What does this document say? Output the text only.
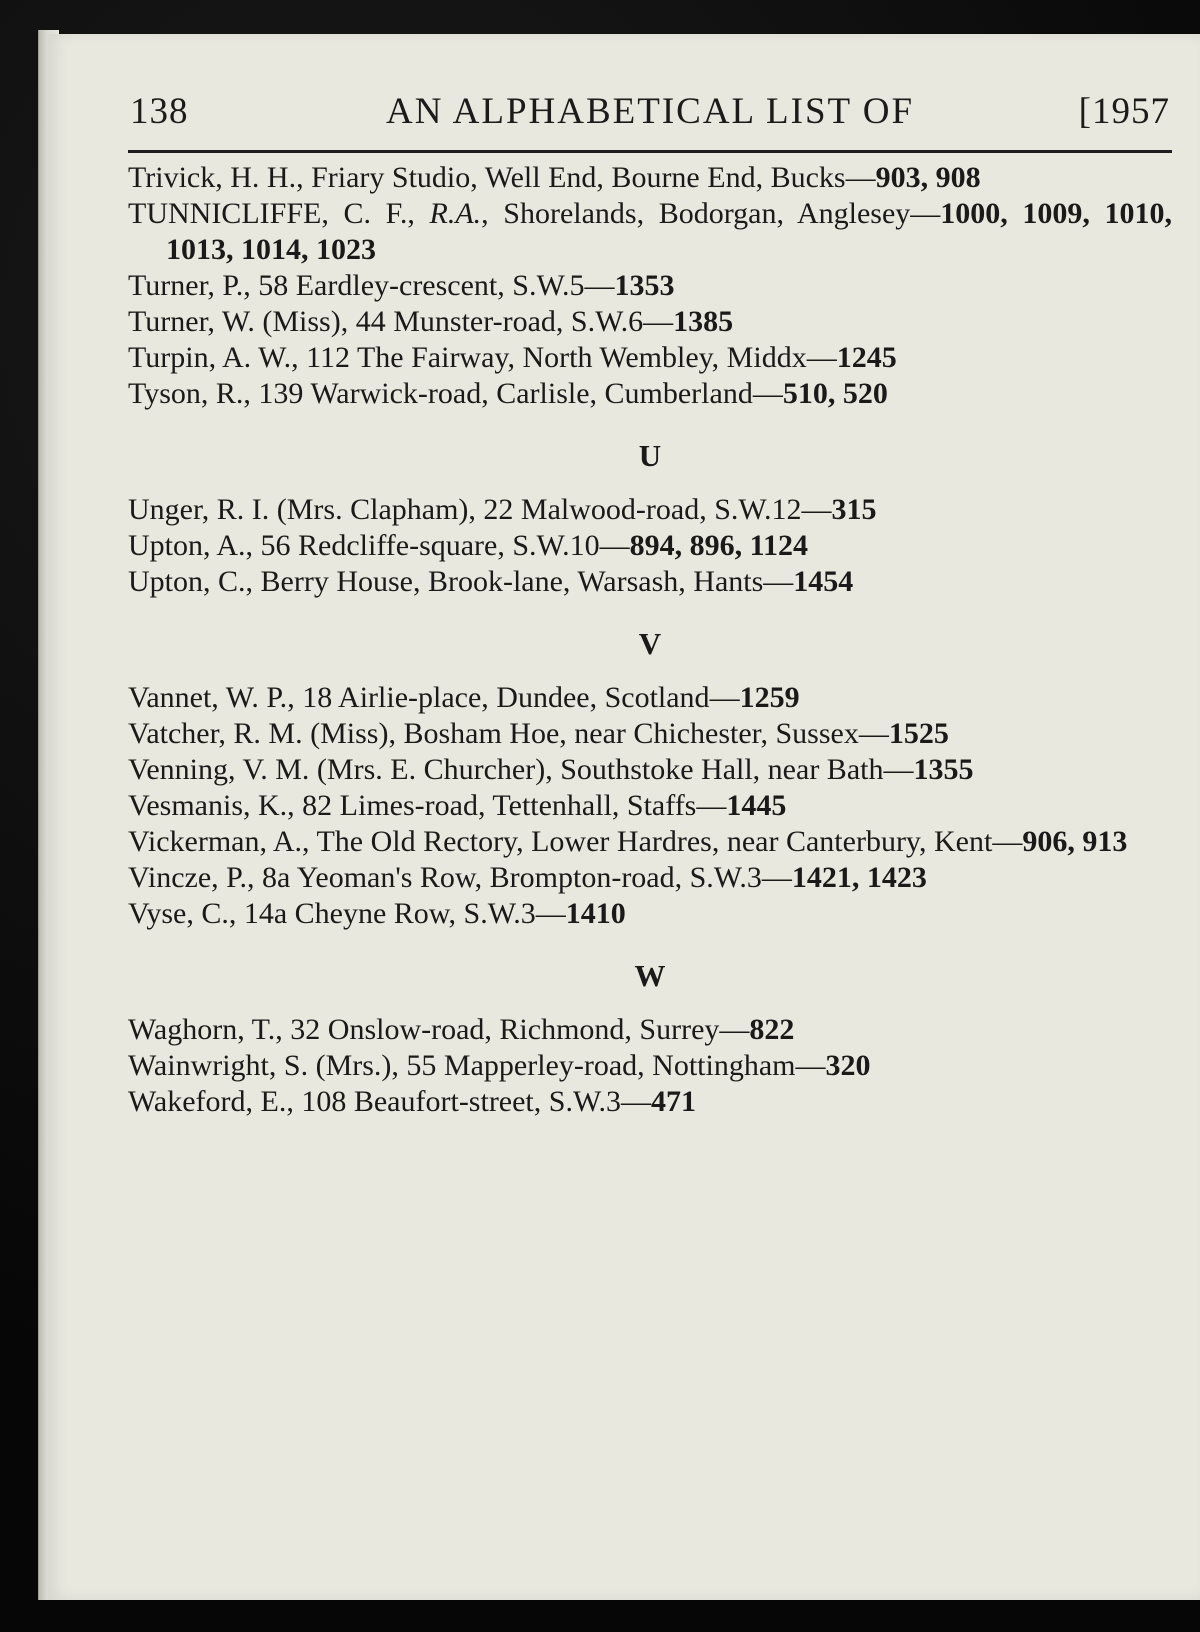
138	AN ALPHABETICAL LIST OF	[1957

Trivick, H. H., Friary Studio, Well End, Bourne End, Bucks—903, 908

TUNNICLIFFE, C. F., R.A., Shorelands, Bodorgan, Anglesey—1000, 1009, 1010, 1013, 1014, 1023

Turner, P., 58 Eardley-crescent, S.W.5—1353

Turner, W. (Miss), 44 Munster-road, S.W.6—1385

Turpin, A. W., 112 The Fairway, North Wembley, Middx—1245

Tyson, R., 139 Warwick-road, Carlisle, Cumberland—510, 520

U

Unger, R. I. (Mrs. Clapham), 22 Malwood-road, S.W.12—315

Upton, A., 56 Redcliffe-square, S.W.10—894, 896, 1124

Upton, C., Berry House, Brook-lane, Warsash, Hants—1454

V

Vannet, W. P., 18 Airlie-place, Dundee, Scotland—1259

Vatcher, R. M. (Miss), Bosham Hoe, near Chichester, Sussex—1525

Venning, V. M. (Mrs. E. Churcher), Southstoke Hall, near Bath—1355

Vesmanis, K., 82 Limes-road, Tettenhall, Staffs—1445

Vickerman, A., The Old Rectory, Lower Hardres, near Canterbury, Kent—906, 913

Vincze, P., 8a Yeoman's Row, Brompton-road, S.W.3—1421, 1423

Vyse, C., 14a Cheyne Row, S.W.3—1410

W

Waghorn, T., 32 Onslow-road, Richmond, Surrey—822

Wainwright, S. (Mrs.), 55 Mapperley-road, Nottingham—320

Wakeford, E., 108 Beaufort-street, S.W.3—471
